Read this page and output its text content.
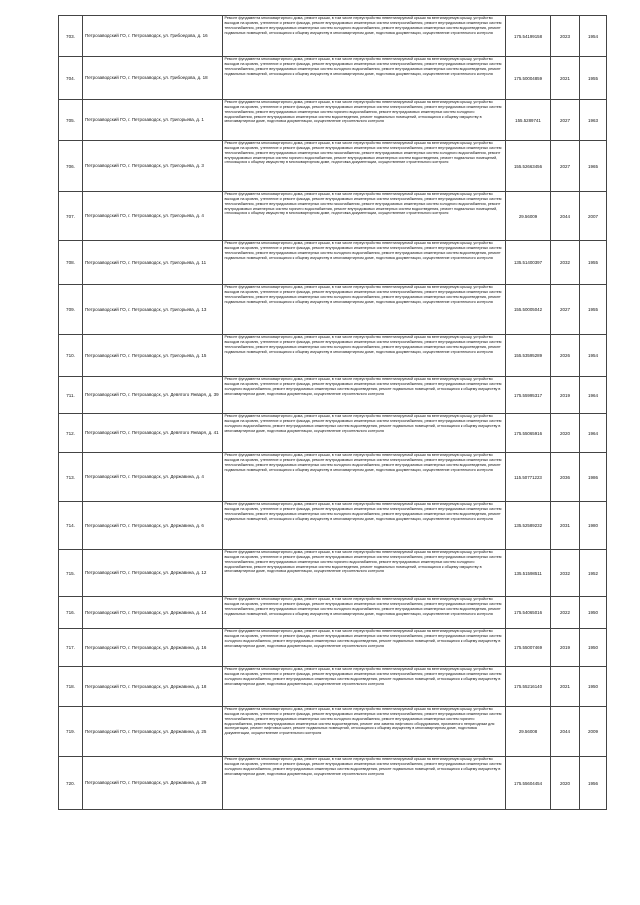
703.	Петрозаводский ГО, г. Петрозаводск, ул. Грибоедова, д. 16	Ремонт фундамента многоквартирного дома, ремонт крыши, в том числе переустройство невентилируемой крыши на вентилируемую крышу, устройство выходов на кровлю, утепление и ремонт фасада, ремонт внутридомовых инженерных систем электроснабжения, ремонт внутридомовых инженерных систем теплоснабжения, ремонт внутридомовых инженерных систем холодного водоснабжения, ремонт внутридомовых инженерных систем водоотведения, ремонт подвальных помещений, относящихся к общему имуществу в многоквартирном доме, подготовка документации, осуществление строительного контроля	175.54199158	2023	1954
704.	Петрозаводский ГО, г. Петрозаводск, ул. Грибоедова, д. 18	Ремонт фундамента многоквартирного дома, ремонт крыши, в том числе переустройство невентилируемой крыши на вентилируемую крышу, устройство выходов на кровлю, утепление и ремонт фасада, ремонт внутридомовых инженерных систем электроснабжения, ремонт внутридомовых инженерных систем теплоснабжения, ремонт внутридомовых инженерных систем холодного водоснабжения, ремонт внутридомовых инженерных систем водоотведения, ремонт подвальных помещений, относящихся к общему имуществу в многоквартирном доме, подготовка документации, осуществление строительного контроля	175.50004859	2021	1955
705.	Петрозаводский ГО, г. Петрозаводск, ул. Григорьева, д. 1	Ремонт фундамента многоквартирного дома, ремонт крыши, в том числе переустройство невентилируемой крыши на вентилируемую крышу, устройство выходов на кровлю, утепление и ремонт фасада, ремонт внутридомовых инженерных систем электроснабжения, ремонт внутридомовых инженерных систем теплоснабжения, ремонт внутридомовых инженерных систем горячего водоснабжения, ремонт внутридомовых инженерных систем холодного водоснабжения, ремонт внутридомовых инженерных систем водоотведения, ремонт подвальных помещений, относящихся к общему имуществу в многоквартирном доме, подготовка документации, осуществление строительного контроля	155.5289741	2027	1963
706.	Петрозаводский ГО, г. Петрозаводск, ул. Григорьева, д. 3	Ремонт фундамента многоквартирного дома, ремонт крыши, в том числе переустройство невентилируемой крыши на вентилируемую крышу, устройство выходов на кровлю, утепление и ремонт фасада, ремонт внутридомовых инженерных систем электроснабжения, ремонт внутридомовых инженерных систем теплоснабжения, ремонт внутридомовых инженерных систем газоснабжения, ремонт внутридомовых инженерных систем холодного водоснабжения, ремонт внутридомовых инженерных систем горячего водоснабжения, ремонт внутридомовых инженерных систем водоотведения, ремонт подвальных помещений, относящихся к общему имуществу в многоквартирном доме, подготовка документации, осуществление строительного контроля	155.52663456	2027	1965
707.	Петрозаводский ГО, г. Петрозаводск, ул. Григорьева, д. 4	Ремонт фундамента многоквартирного дома, ремонт крыши, в том числе переустройство невентилируемой крыши на вентилируемую крышу, устройство выходов на кровлю, утепление и ремонт фасада, ремонт внутридомовых инженерных систем электроснабжения, ремонт внутридомовых инженерных систем теплоснабжения, ремонт внутридомовых инженерных систем газоснабжения, ремонт внутридомовых инженерных систем холодного водоснабжения, ремонт внутридомовых инженерных систем горячего водоснабжения, ремонт внутридомовых инженерных систем водоотведения, ремонт подвальных помещений, относящихся к общему имуществу в многоквартирном доме, подготовка документации, осуществление строительного контроля	29.56009	2044	2007
708.	Петрозаводский ГО, г. Петрозаводск, ул. Григорьева, д. 11	Ремонт фундамента многоквартирного дома, ремонт крыши, в том числе переустройство невентилируемой крыши на вентилируемую крышу, устройство выходов на кровлю, утепление и ремонт фасада, ремонт внутридомовых инженерных систем электроснабжения, ремонт внутридомовых инженерных систем теплоснабжения, ремонт внутридомовых инженерных систем холодного водоснабжения, ремонт внутридомовых инженерных систем водоотведения, ремонт подвальных помещений, относящихся к общему имуществу в многоквартирном доме, подготовка документации, осуществление строительного контроля	135.51400397	2032	1955
709.	Петрозаводский ГО, г. Петрозаводск, ул. Григорьева, д. 13	Ремонт фундамента многоквартирного дома, ремонт крыши, в том числе переустройство невентилируемой крыши на вентилируемую крышу, устройство выходов на кровлю, утепление и ремонт фасада, ремонт внутридомовых инженерных систем электроснабжения, ремонт внутридомовых инженерных систем теплоснабжения, ремонт внутридомовых инженерных систем холодного водоснабжения, ремонт внутридомовых инженерных систем водоотведения, ремонт подвальных помещений, относящихся к общему имуществу в многоквартирном доме, подготовка документации, осуществление строительного контроля	155.50005042	2027	1955
710.	Петрозаводский ГО, г. Петрозаводск, ул. Григорьева, д. 15	Ремонт фундамента многоквартирного дома, ремонт крыши, в том числе переустройство невентилируемой крыши на вентилируемую крышу, устройство выходов на кровлю, утепление и ремонт фасада, ремонт внутридомовых инженерных систем электроснабжения, ремонт внутридомовых инженерных систем теплоснабжения, ремонт внутридомовых инженерных систем холодного водоснабжения, ремонт внутридомовых инженерных систем водоотведения, ремонт подвальных помещений, относящихся к общему имуществу в многоквартирном доме, подготовка документации, осуществление строительного контроля	155.53595289	2026	1954
711.	Петрозаводский ГО, г. Петрозаводск, ул. Девятого Января, д. 39	Ремонт фундамента многоквартирного дома, ремонт крыши, в том числе переустройство невентилируемой крыши на вентилируемую крышу, устройство выходов на кровлю, утепление и ремонт фасада, ремонт внутридомовых инженерных систем электроснабжения, ремонт внутридомовых инженерных систем холодного водоснабжения, ремонт внутридомовых инженерных систем водоотведения, ремонт подвальных помещений, относящихся к общему имуществу в многоквартирном доме, подготовка документации, осуществление строительного контроля	175.55995317	2019	1964
712.	Петрозаводский ГО, г. Петрозаводск, ул. Девятого Января, д. 41	Ремонт фундамента многоквартирного дома, ремонт крыши, в том числе переустройство невентилируемой крыши на вентилируемую крышу, устройство выходов на кровлю, утепление и ремонт фасада, ремонт внутридомовых инженерных систем электроснабжения, ремонт внутридомовых инженерных систем холодного водоснабжения, ремонт внутридомовых инженерных систем водоотведения, ремонт подвальных помещений, относящихся к общему имуществу в многоквартирном доме, подготовка документации, осуществление строительного контроля	175.55065916	2020	1964
713.	Петрозаводский ГО, г. Петрозаводск, ул. Державина, д. 4	Ремонт фундамента многоквартирного дома, ремонт крыши, в том числе переустройство невентилируемой крыши на вентилируемую крышу, устройство выходов на кровлю, утепление и ремонт фасада, ремонт внутридомовых инженерных систем электроснабжения, ремонт внутридомовых инженерных систем теплоснабжения, ремонт внутридомовых инженерных систем холодного водоснабжения, ремонт внутридомовых инженерных систем водоотведения, ремонт подвальных помещений, относящихся к общему имуществу в многоквартирном доме, подготовка документации, осуществление строительного контроля	115.50771223	2036	1986
714.	Петрозаводский ГО, г. Петрозаводск, ул. Державина, д. 6	Ремонт фундамента многоквартирного дома, ремонт крыши, в том числе переустройство невентилируемой крыши на вентилируемую крышу, устройство выходов на кровлю, утепление и ремонт фасада, ремонт внутридомовых инженерных систем электроснабжения, ремонт внутридомовых инженерных систем теплоснабжения, ремонт внутридомовых инженерных систем холодного водоснабжения, ремонт внутридомовых инженерных систем водоотведения, ремонт подвальных помещений, относящихся к общему имуществу в многоквартирном доме, подготовка документации, осуществление строительного контроля	135.52589232	2031	1980
715.	Петрозаводский ГО, г. Петрозаводск, ул. Державина, д. 12	Ремонт фундамента многоквартирного дома, ремонт крыши, в том числе переустройство невентилируемой крыши на вентилируемую крышу, устройство выходов на кровлю, утепление и ремонт фасада, ремонт внутридомовых инженерных систем электроснабжения, ремонт внутридомовых инженерных систем теплоснабжения, ремонт внутридомовых инженерных систем горячего водоснабжения, ремонт внутридомовых инженерных систем холодного водоснабжения, ремонт внутридомовых инженерных систем водоотведения, ремонт подвальных помещений, относящихся к общему имуществу в многоквартирном доме, подготовка документации, осуществление строительного контроля	135.51598511	2032	1952
716.	Петрозаводский ГО, г. Петрозаводск, ул. Державина, д. 14	Ремонт фундамента многоквартирного дома, ремонт крыши, в том числе переустройство невентилируемой крыши на вентилируемую крышу, устройство выходов на кровлю, утепление и ремонт фасада, ремонт внутридомовых инженерных систем электроснабжения, ремонт внутридомовых инженерных систем теплоснабжения, ремонт внутридомовых инженерных систем холодного водоснабжения, ремонт внутридомовых инженерных систем водоотведения, ремонт подвальных помещений, относящихся к общему имуществу в многоквартирном доме, подготовка документации, осуществление строительного контроля	175.54065016	2022	1950
717.	Петрозаводский ГО, г. Петрозаводск, ул. Державина, д. 16	Ремонт фундамента многоквартирного дома, ремонт крыши, в том числе переустройство невентилируемой крыши на вентилируемую крышу, устройство выходов на кровлю, утепление и ремонт фасада, ремонт внутридомовых инженерных систем электроснабжения, ремонт внутридомовых инженерных систем холодного водоснабжения, ремонт внутридомовых инженерных систем водоотведения, ремонт подвальных помещений, относящихся к общему имуществу в многоквартирном доме, подготовка документации, осуществление строительного контроля	175.55007469	2019	1950
718.	Петрозаводский ГО, г. Петрозаводск, ул. Державина, д. 18	Ремонт фундамента многоквартирного дома, ремонт крыши, в том числе переустройство невентилируемой крыши на вентилируемую крышу, устройство выходов на кровлю, утепление и ремонт фасада, ремонт внутридомовых инженерных систем электроснабжения, ремонт внутридомовых инженерных систем холодного водоснабжения, ремонт внутридомовых инженерных систем водоотведения, ремонт подвальных помещений, относящихся к общему имуществу в многоквартирном доме, подготовка документации, осуществление строительного контроля	175.55216140	2021	1950
719.	Петрозаводский ГО, г. Петрозаводск, ул. Державина, д. 25	Ремонт фундамента многоквартирного дома, ремонт крыши, в том числе переустройство невентилируемой крыши на вентилируемую крышу, устройство выходов на кровлю, утепление и ремонт фасада, ремонт внутридомовых инженерных систем электроснабжения, ремонт внутридомовых инженерных систем теплоснабжения, ремонт внутридомовых инженерных систем холодного водоснабжения, ремонт внутридомовых инженерных систем горячего водоснабжения, ремонт внутридомовых инженерных систем водоотведения, ремонт или замена лифтового оборудования, признанного непригодным для эксплуатации, ремонт лифтовых шахт, ремонт подвальных помещений, относящихся к общему имуществу в многоквартирном доме, подготовка документации, осуществление строительного контроля	29.56008	2044	2009
720.	Петрозаводский ГО, г. Петрозаводск, ул. Державина, д. 29	Ремонт фундамента многоквартирного дома, ремонт крыши, в том числе переустройство невентилируемой крыши на вентилируемую крышу, устройство выходов на кровлю, утепление и ремонт фасада, ремонт внутридомовых инженерных систем электроснабжения, ремонт внутридомовых инженерных систем холодного водоснабжения, ремонт внутридомовых инженерных систем водоотведения, ремонт подвальных помещений, относящихся к общему имуществу в многоквартирном доме, подготовка документации, осуществление строительного контроля	175.55604454	2020	1956
